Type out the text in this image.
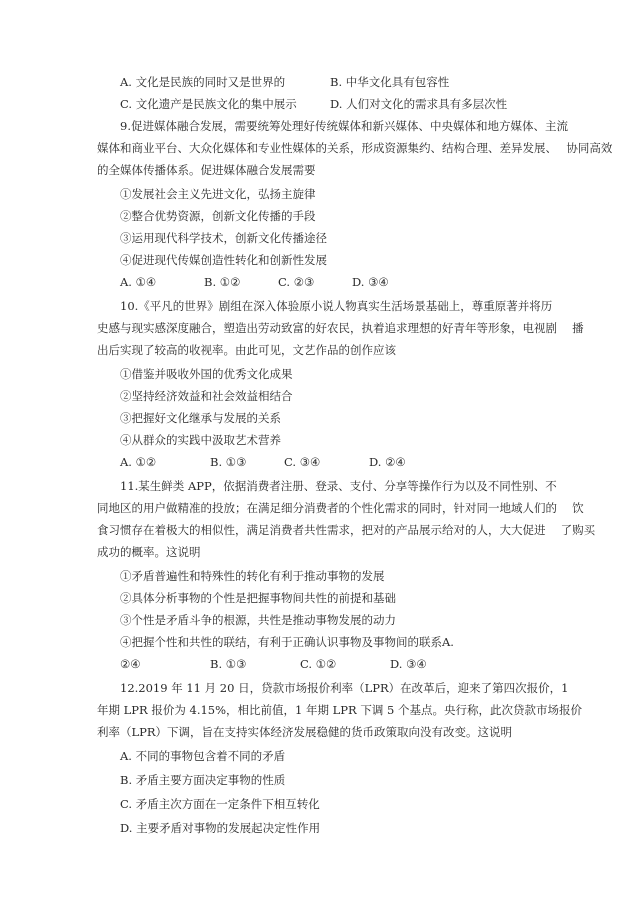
A. 文化是民族的同时又是世界的	B. 中华文化具有包容性
C. 文化遗产是民族文化的集中展示	D. 人们对文化的需求具有多层次性
9.促进媒体融合发展，需要统筹处理好传统媒体和新兴媒体、中央媒体和地方媒体、主流
媒体和商业平台、大众化媒体和专业性媒体的关系，形成资源集约、结构合理、差异发展、　 协同高效
的全媒体传播体系。促进媒体融合发展需要
①发展社会主义先进文化，弘扬主旋律
②整合优势资源，创新文化传播的手段
③运用现代科学技术，创新文化传播途径
④促进现代传媒创造性转化和创新性发展
A. ①④	B. ①②	C. ②③	D. ③④
10.《平凡的世界》剧组在深入体验原小说人物真实生活场景基础上，尊重原著并将历
史感与现实感深度融合，塑造出劳动致富的好农民，执着追求理想的好青年等形象，电视剧　 播
出后实现了较高的收视率。由此可见，文艺作品的创作应该
①借鉴并吸收外国的优秀文化成果
②坚持经济效益和社会效益相结合
③把握好文化继承与发展的关系
④从群众的实践中汲取艺术营养
A. ①②	B. ①③	C. ③④	D. ②④
11.某生鲜类 APP，依据消费者注册、登录、支付、分享等操作行为以及不同性别、不
同地区的用户做精准的投放；在满足细分消费者的个性化需求的同时，针对同一地域人们的　 饮
食习惯存在着极大的相似性，满足消费者共性需求，把对的产品展示给对的人，大大促进　 了购买
成功的概率。这说明
①矛盾普遍性和特殊性的转化有利于推动事物的发展
②具体分析事物的个性是把握事物间共性的前提和基础
③个性是矛盾斗争的根源，共性是推动事物发展的动力
④把握个性和共性的联结，有利于正确认识事物及事物间的联系A.
②④	B. ①③	C. ①②	D. ③④
12.2019 年 11 月 20 日，贷款市场报价利率（LPR）在改革后，迎来了第四次报价，1
年期 LPR 报价为 4.15%，相比前值，1 年期 LPR 下调 5 个基点。央行称，此次贷款市场报价
利率（LPR）下调，旨在支持实体经济发展稳健的货币政策取向没有改变。这说明
A. 不同的事物包含着不同的矛盾
B. 矛盾主要方面决定事物的性质
C. 矛盾主次方面在一定条件下相互转化
D. 主要矛盾对事物的发展起决定性作用
